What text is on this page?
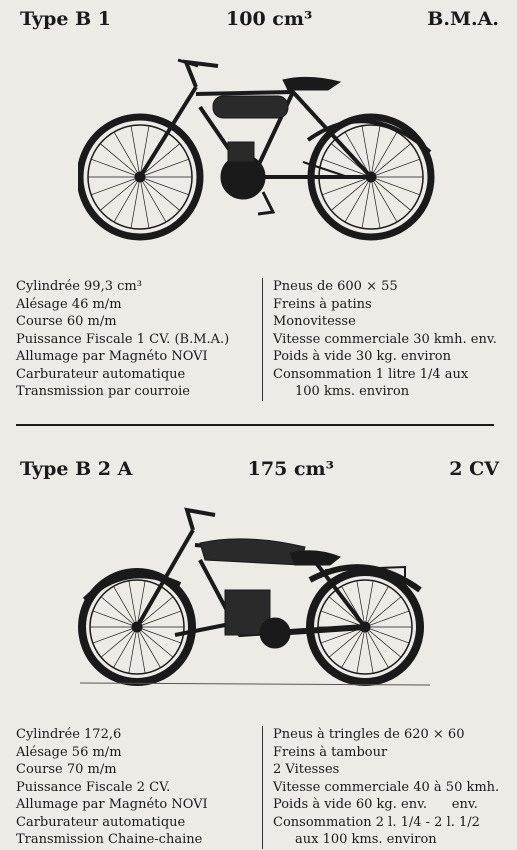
Type B 1	100 cm³	B.M.A.
Cylindrée 99,3 cm³
Alésage 46 m/m
Course 60 m/m
Puissance Fiscale 1 CV. (B.M.A.)
Allumage par Magnéto NOVI
Carburateur automatique
Transmission par courroie
Pneus de 600 × 55
Freins à patins
Monovitesse
Vitesse commerciale 30 kmh. env.
Poids à vide 30 kg. environ
Consommation 1 litre 1/4 aux
100 kms. environ
Type B 2 A	175 cm³	2 CV
Cylindrée 172,6
Alésage 56 m/m
Course 70 m/m
Puissance Fiscale 2 CV.
Allumage par Magnéto NOVI
Carburateur automatique
Transmission Chaine-chaine
Pneus à tringles de 620 × 60
Freins à tambour
2 Vitesses
Vitesse commerciale 40 à 50 kmh.
Poids à vide 60 kg. env.      env.
Consommation 2 l. 1/4 - 2 l. 1/2
aux 100 kms. environ
